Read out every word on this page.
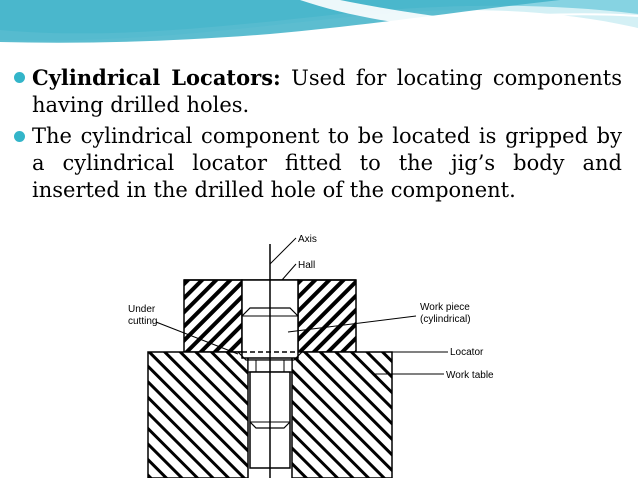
Cylindrical Locators: Used for locating components having drilled holes.
The cylindrical component to be located is gripped by a cylindrical locator fitted to the jig’s body and inserted in the drilled hole of the component.
Axis
Hall
Under
cutting
Work piece
(cylindrical)
Locator
Work table
